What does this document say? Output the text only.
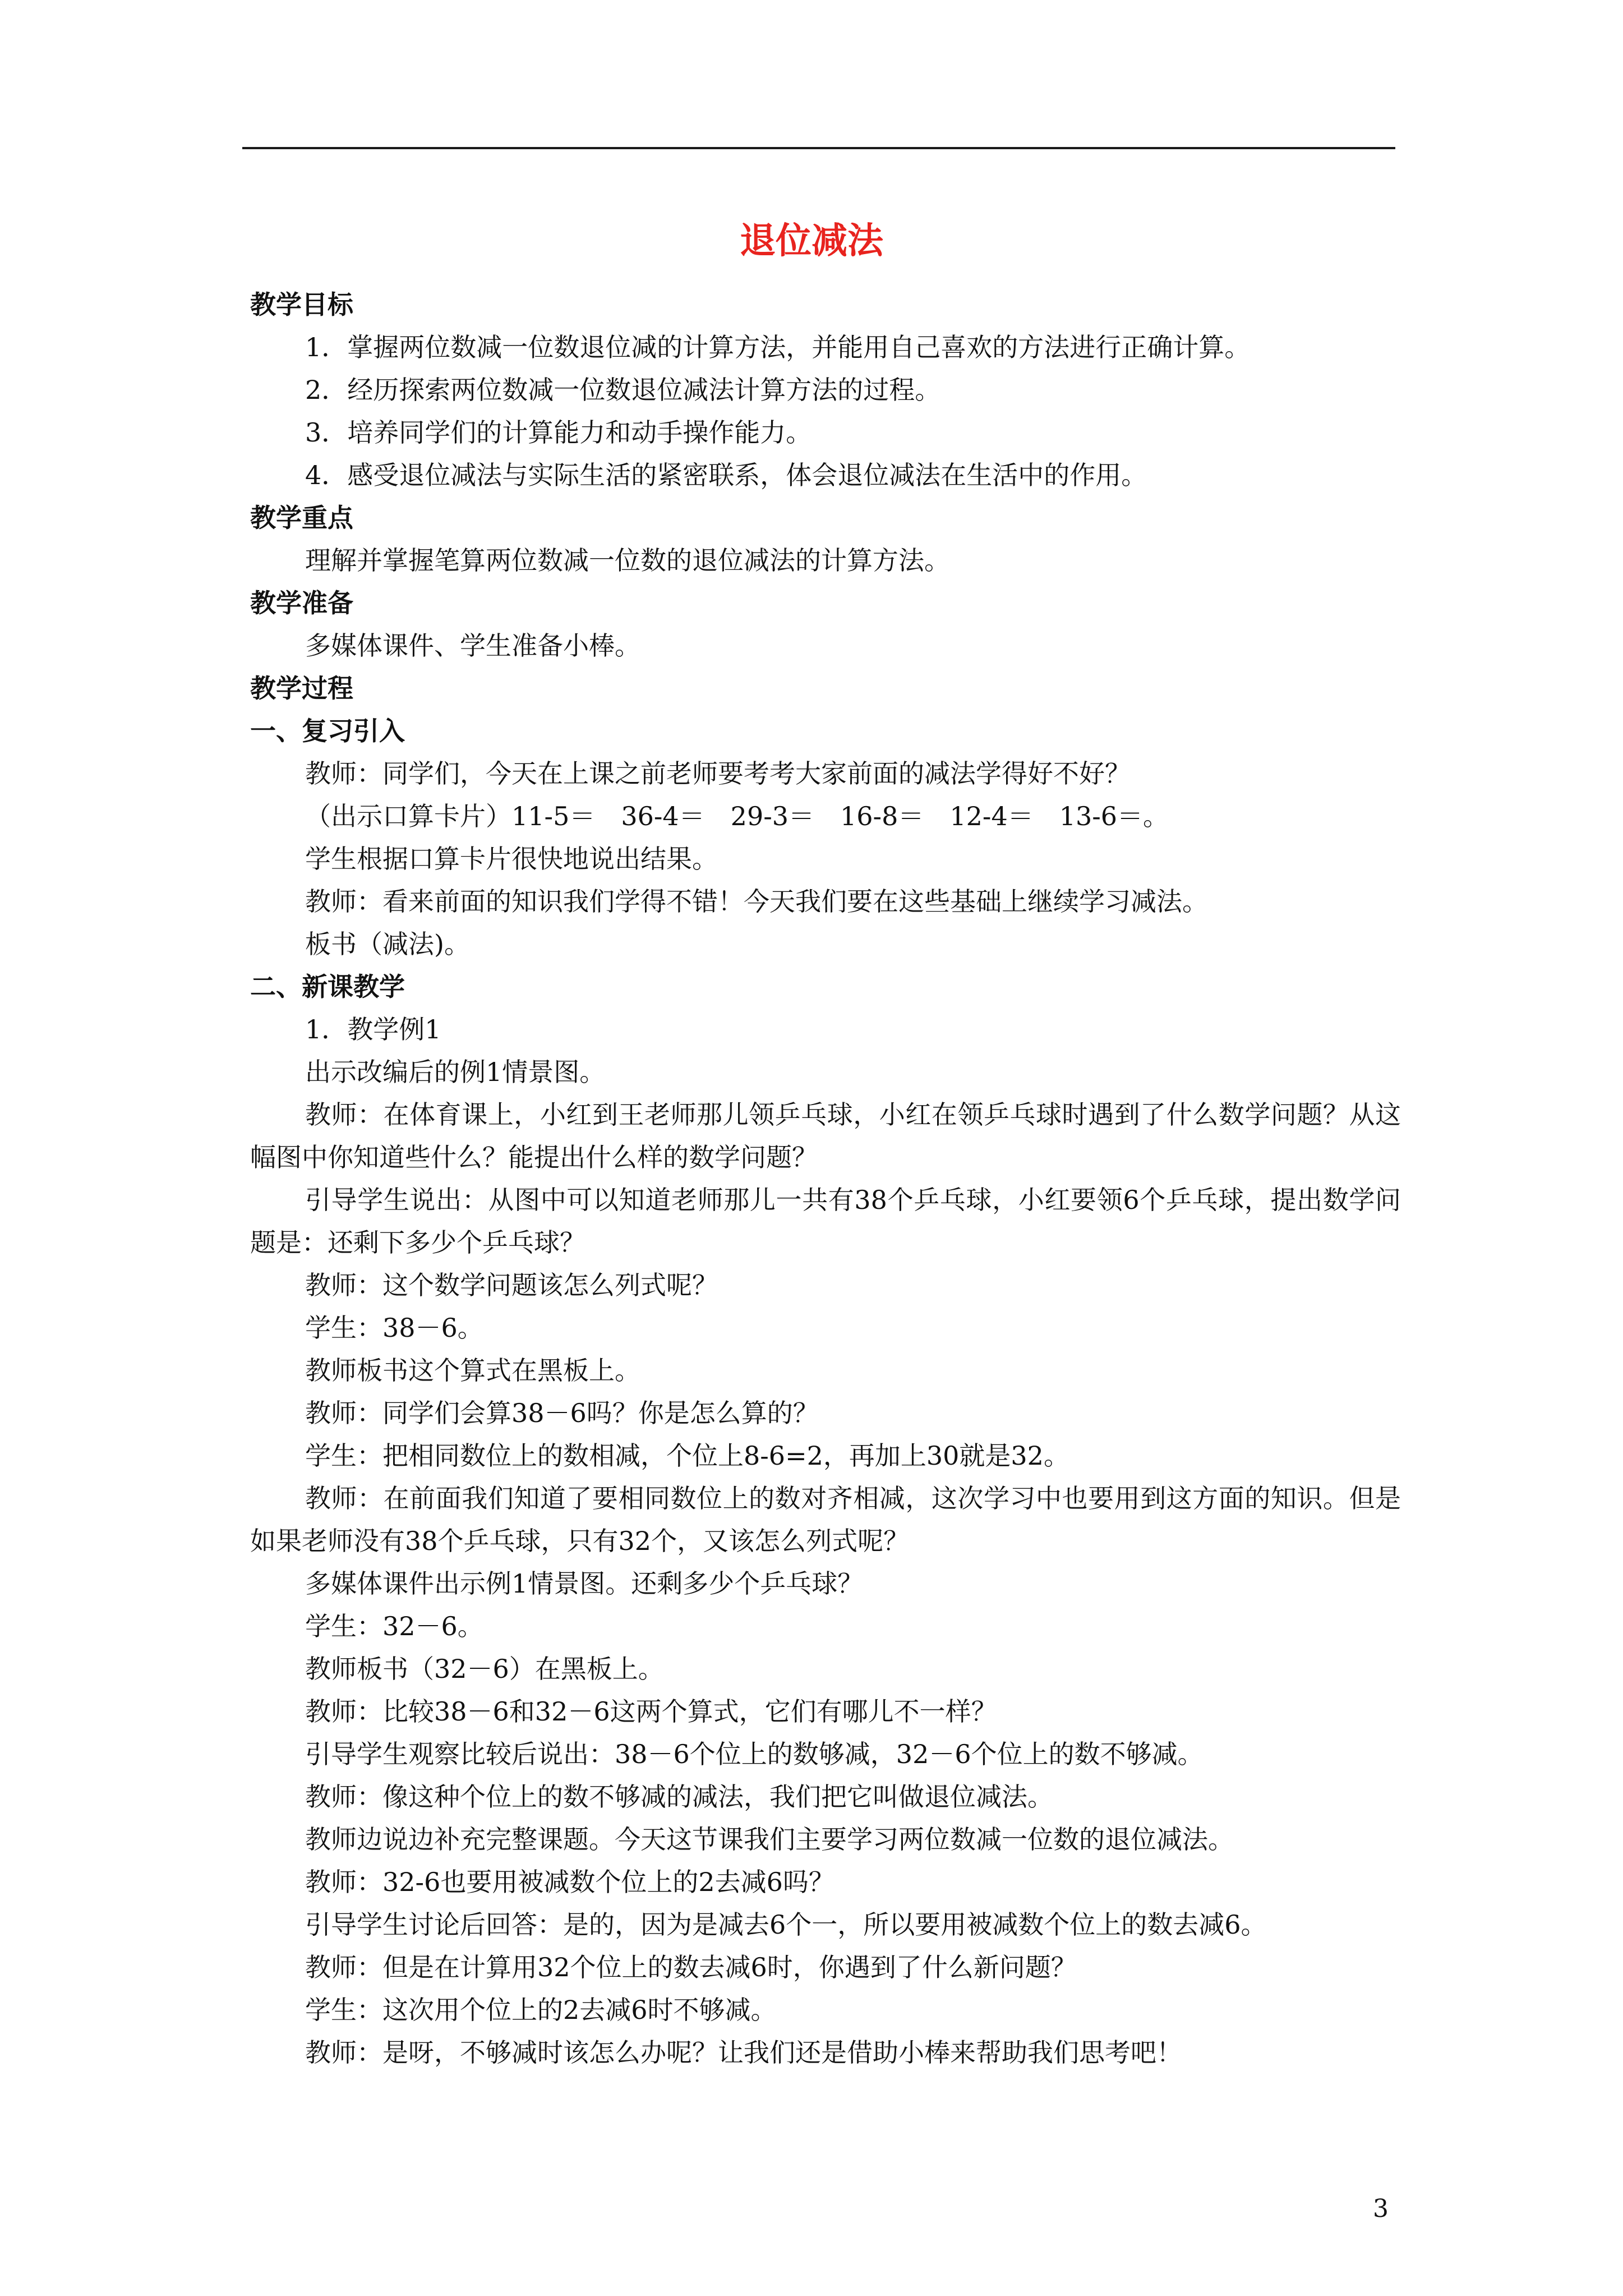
退位减法
教学目标
1．掌握两位数减一位数退位减的计算方法，并能用自己喜欢的方法进行正确计算。
2．经历探索两位数减一位数退位减法计算方法的过程。
3．培养同学们的计算能力和动手操作能力。
4．感受退位减法与实际生活的紧密联系，体会退位减法在生活中的作用。
教学重点
理解并掌握笔算两位数减一位数的退位减法的计算方法。
教学准备
多媒体课件、学生准备小棒。
教学过程
一、复习引入
教师：同学们，今天在上课之前老师要考考大家前面的减法学得好不好？
（出示口算卡片）11-5＝　36-4＝　29-3＝　16-8＝　12-4＝　13-6＝。
学生根据口算卡片很快地说出结果。
教师：看来前面的知识我们学得不错！今天我们要在这些基础上继续学习减法。
板书（减法)。
二、新课教学
1．教学例1
出示改编后的例1情景图。
教师：在体育课上，小红到王老师那儿领乒乓球，小红在领乒乓球时遇到了什么数学问题？从这幅图中你知道些什么？能提出什么样的数学问题？
引导学生说出：从图中可以知道老师那儿一共有38个乒乓球，小红要领6个乒乓球，提出数学问题是：还剩下多少个乒乓球？
教师：这个数学问题该怎么列式呢？
学生：38－6。
教师板书这个算式在黑板上。
教师：同学们会算38－6吗？你是怎么算的？
学生：把相同数位上的数相减，个位上8-6=2，再加上30就是32。
教师：在前面我们知道了要相同数位上的数对齐相减，这次学习中也要用到这方面的知识。但是如果老师没有38个乒乓球，只有32个，又该怎么列式呢？
多媒体课件出示例1情景图。还剩多少个乒乓球？
学生：32－6。
教师板书（32－6）在黑板上。
教师：比较38－6和32－6这两个算式，它们有哪儿不一样？
引导学生观察比较后说出：38－6个位上的数够减，32－6个位上的数不够减。
教师：像这种个位上的数不够减的减法，我们把它叫做退位减法。
教师边说边补充完整课题。今天这节课我们主要学习两位数减一位数的退位减法。
教师：32-6也要用被减数个位上的2去减6吗？
引导学生讨论后回答：是的，因为是减去6个一，所以要用被减数个位上的数去减6。
教师：但是在计算用32个位上的数去减6时，你遇到了什么新问题？
学生：这次用个位上的2去减6时不够减。
教师：是呀，不够减时该怎么办呢？让我们还是借助小棒来帮助我们思考吧！
3
